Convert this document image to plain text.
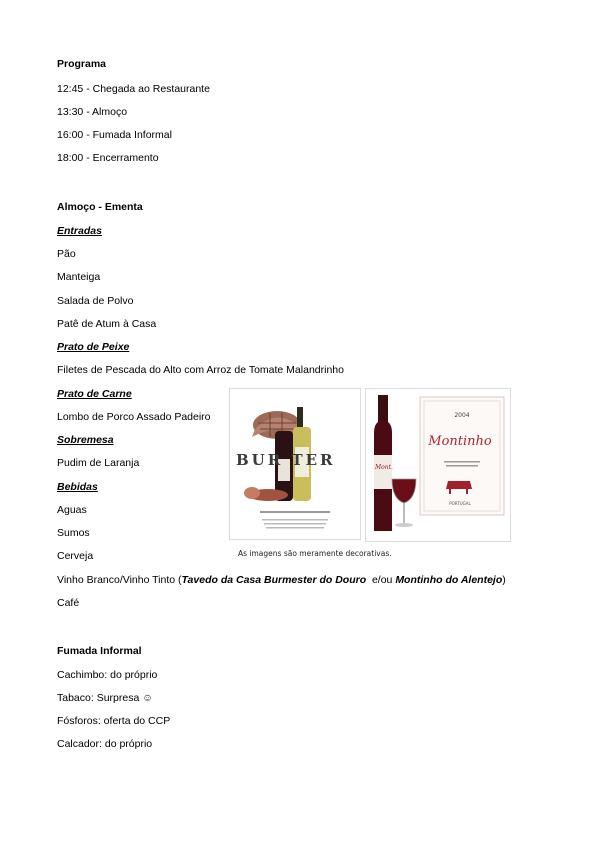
Programa
12:45 - Chegada ao Restaurante
13:30 - Almoço
16:00 - Fumada Informal
18:00 - Encerramento
Almoço - Ementa
Entradas
Pão
Manteiga
Salada de Polvo
Patê de Atum à Casa
Prato de Peixe
Filetes de Pescada do Alto com Arroz de Tomate Malandrinho
Prato de Carne
Lombo de Porco Assado Padeiro
Sobremesa
Pudim de Laranja
Bebidas
Aguas
Sumos
Cerveja
Vinho Branco/Vinho Tinto (Tavedo da Casa Burmester do Douro  e/ou Montinho do Alentejo)
Café
BUR TER	Mont.
2004
Montinho
PORTUGAL
As imagens são meramente decorativas.
Fumada Informal
Cachimbo: do próprio
Tabaco: Surpresa ☺
Fósforos: oferta do CCP
Calcador: do próprio
